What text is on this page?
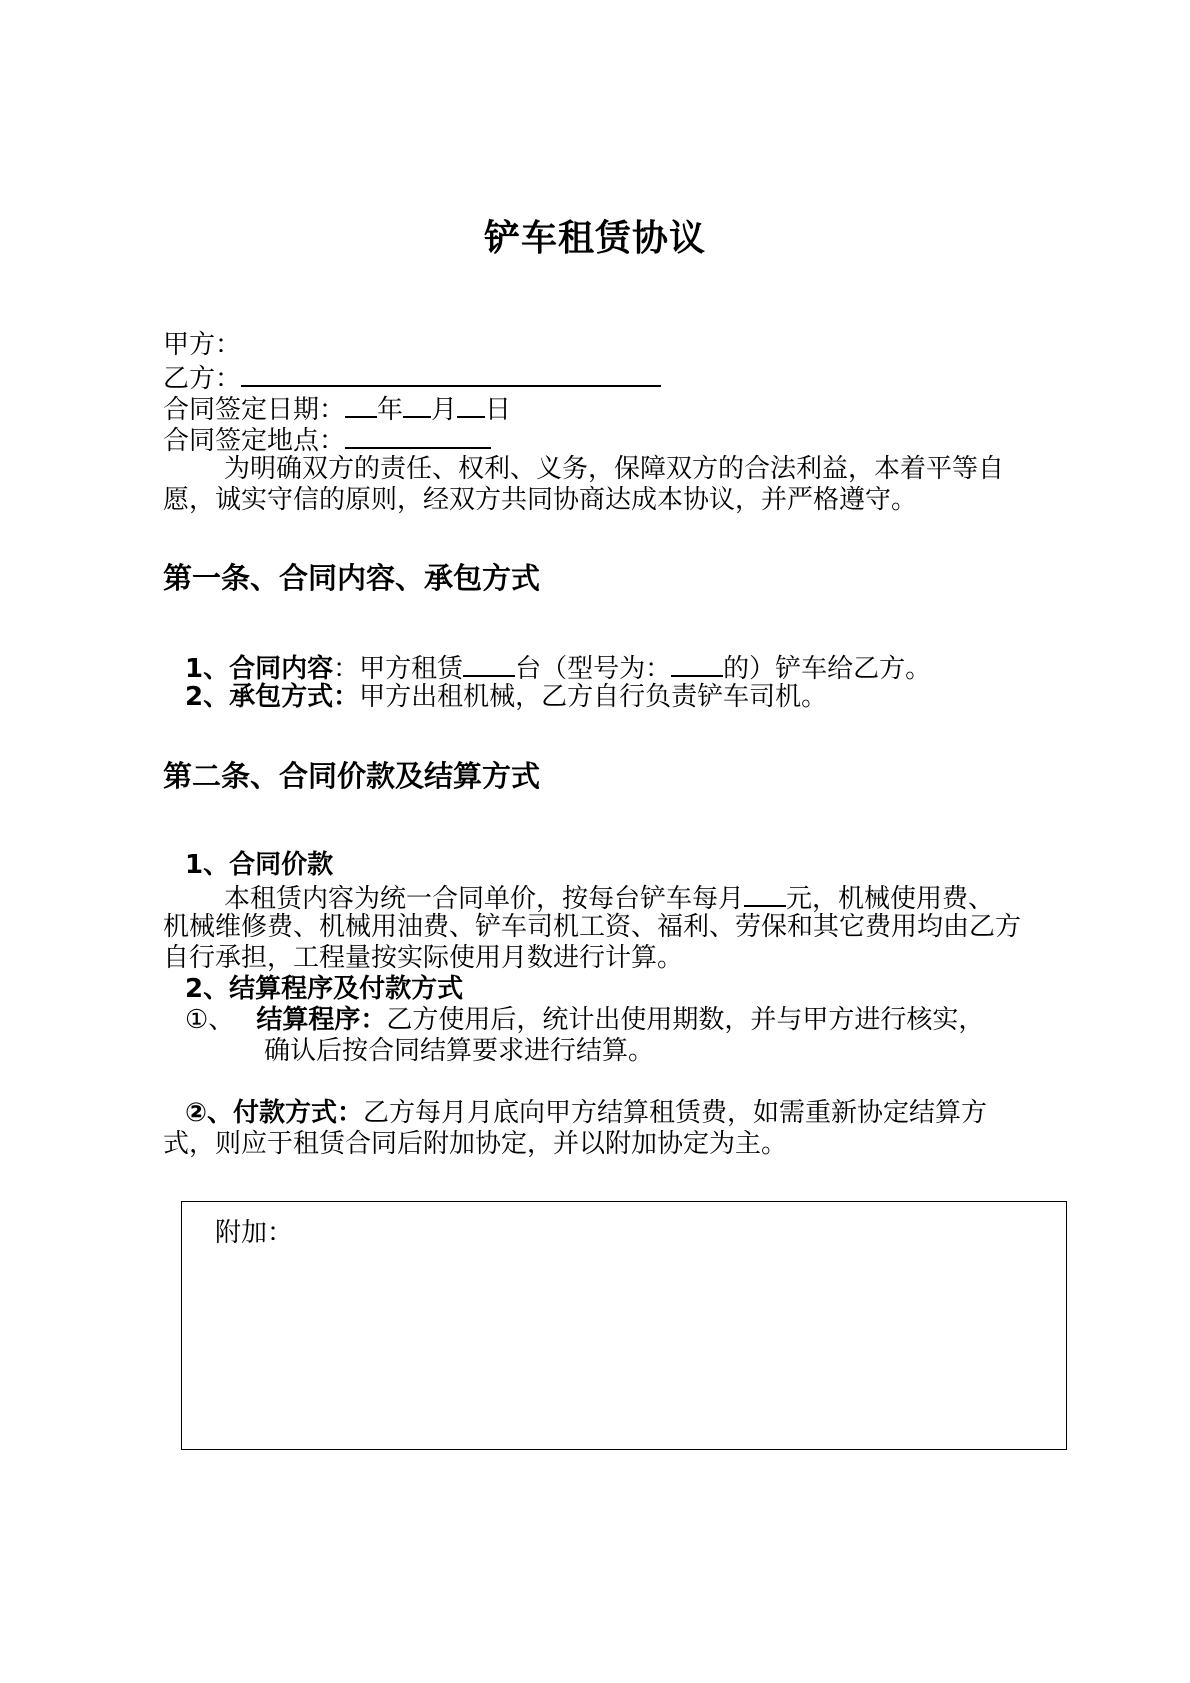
铲车租赁协议
甲方：
乙方：
合同签定日期： 年 月 日
合同签定地点：
为明确双方的责任、权利、义务，保障双方的合法利益，本着平等自
愿，诚实守信的原则，经双方共同协商达成本协议，并严格遵守。
第一条、合同内容、承包方式
1、合同内容：甲方租赁 台（型号为： 的）铲车给乙方。
2、承包方式：甲方出租机械，乙方自行负责铲车司机。
第二条、合同价款及结算方式
1、合同价款
本租赁内容为统一合同单价，按每台铲车每月 元，机械使用费、
机械维修费、机械用油费、铲车司机工资、福利、劳保和其它费用均由乙方
自行承担，工程量按实际使用月数进行计算。
2、结算程序及付款方式
①、 结算程序：乙方使用后，统计出使用期数，并与甲方进行核实，
确认后按合同结算要求进行结算。
②、付款方式：乙方每月月底向甲方结算租赁费，如需重新协定结算方
式，则应于租赁合同后附加协定，并以附加协定为主。
附加：
